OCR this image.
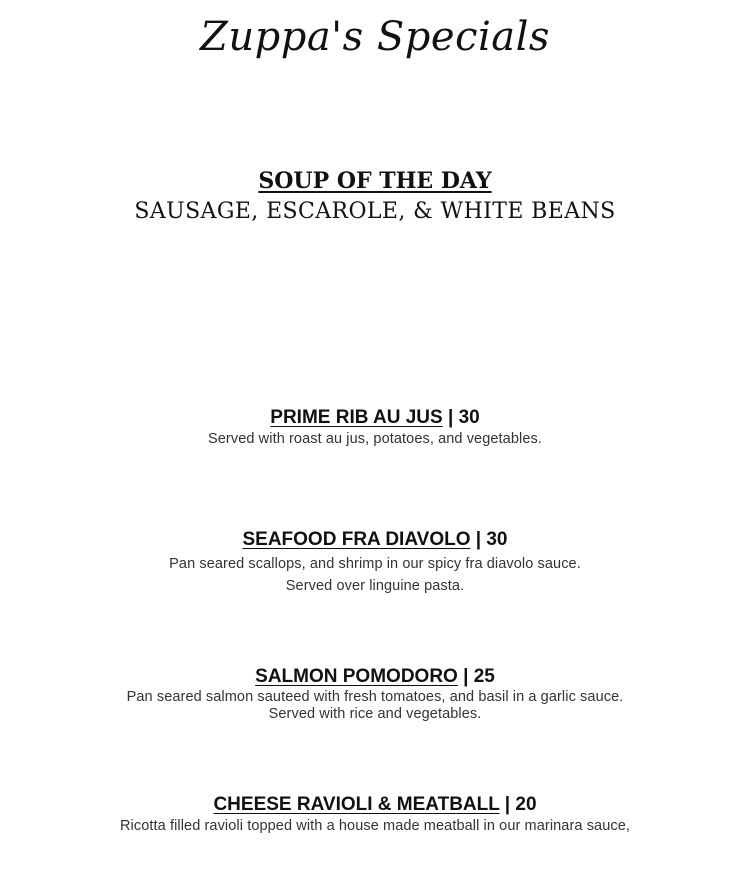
Zuppa's Specials
SOUP OF THE DAY
SAUSAGE, ESCAROLE, & WHITE BEANS
PRIME RIB AU JUS | 30
Served with roast au jus, potatoes, and vegetables.
SEAFOOD FRA DIAVOLO | 30
Pan seared scallops, and shrimp in our spicy fra diavolo sauce.
Served over linguine pasta.
SALMON POMODORO | 25
Pan seared salmon sauteed with fresh tomatoes, and basil in a garlic sauce.
Served with rice and vegetables.
CHEESE RAVIOLI & MEATBALL | 20
Ricotta filled ravioli topped with a house made meatball in our marinara sauce,
